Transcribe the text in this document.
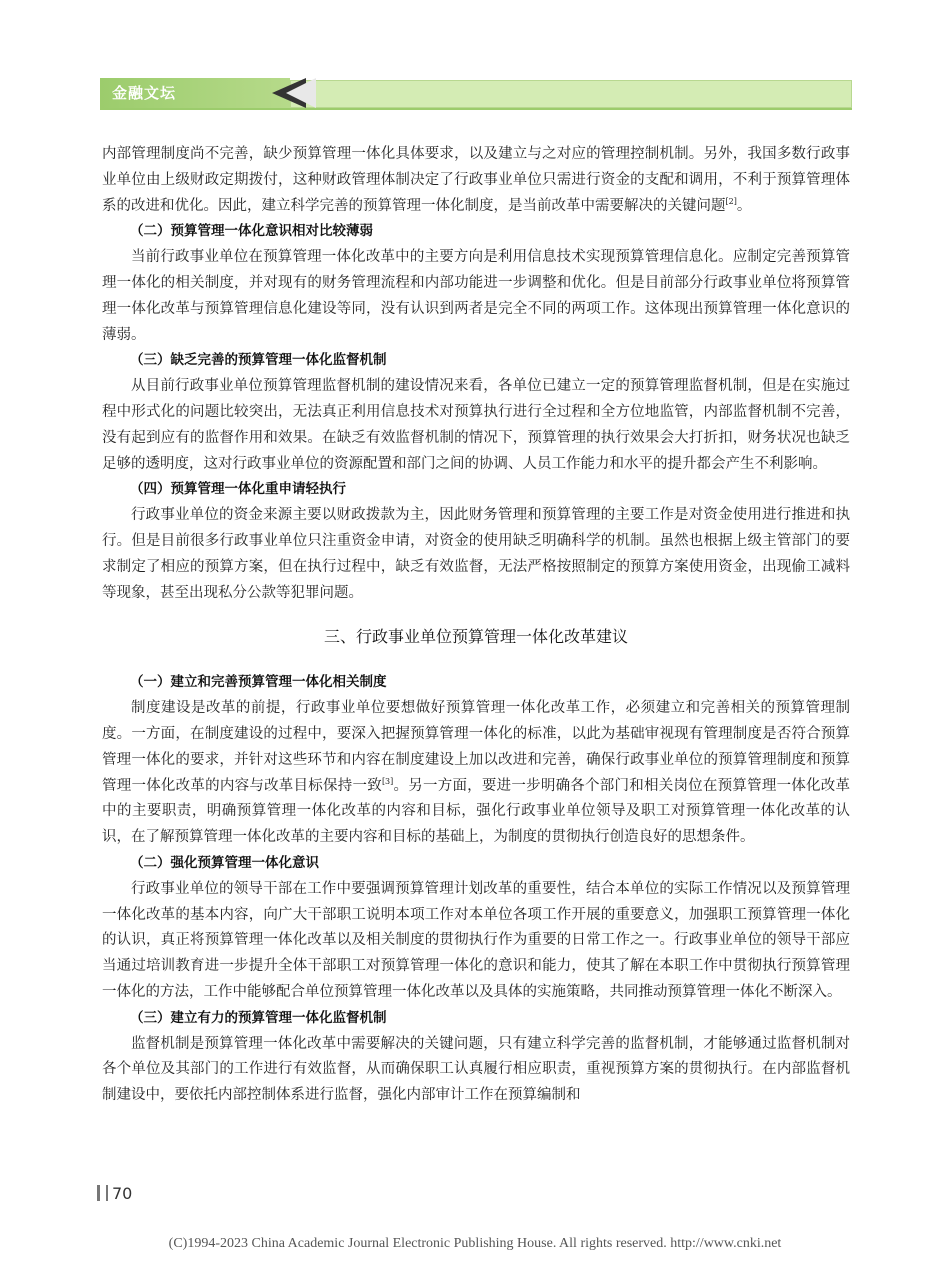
金融文坛

内部管理制度尚不完善，缺少预算管理一体化具体要求，以及建立与之对应的管理控制机制。另外，我国多数行政事业单位由上级财政定期拨付，这种财政管理体制决定了行政事业单位只需进行资金的支配和调用，不利于预算管理体系的改进和优化。因此，建立科学完善的预算管理一体化制度，是当前改革中需要解决的关键问题[2]。

（二）预算管理一体化意识相对比较薄弱

当前行政事业单位在预算管理一体化改革中的主要方向是利用信息技术实现预算管理信息化。应制定完善预算管理一体化的相关制度，并对现有的财务管理流程和内部功能进一步调整和优化。但是目前部分行政事业单位将预算管理一体化改革与预算管理信息化建设等同，没有认识到两者是完全不同的两项工作。这体现出预算管理一体化意识的薄弱。

（三）缺乏完善的预算管理一体化监督机制

从目前行政事业单位预算管理监督机制的建设情况来看，各单位已建立一定的预算管理监督机制，但是在实施过程中形式化的问题比较突出，无法真正利用信息技术对预算执行进行全过程和全方位地监管，内部监督机制不完善，没有起到应有的监督作用和效果。在缺乏有效监督机制的情况下，预算管理的执行效果会大打折扣，财务状况也缺乏足够的透明度，这对行政事业单位的资源配置和部门之间的协调、人员工作能力和水平的提升都会产生不利影响。

（四）预算管理一体化重申请轻执行

行政事业单位的资金来源主要以财政拨款为主，因此财务管理和预算管理的主要工作是对资金使用进行推进和执行。但是目前很多行政事业单位只注重资金申请，对资金的使用缺乏明确科学的机制。虽然也根据上级主管部门的要求制定了相应的预算方案，但在执行过程中，缺乏有效监督，无法严格按照制定的预算方案使用资金，出现偷工减料等现象，甚至出现私分公款等犯罪问题。

三、行政事业单位预算管理一体化改革建议
（一）建立和完善预算管理一体化相关制度

制度建设是改革的前提，行政事业单位要想做好预算管理一体化改革工作，必须建立和完善相关的预算管理制度。一方面，在制度建设的过程中，要深入把握预算管理一体化的标准，以此为基础审视现有管理制度是否符合预算管理一体化的要求，并针对这些环节和内容在制度建设上加以改进和完善，确保行政事业单位的预算管理制度和预算管理一体化改革的内容与改革目标保持一致[3]。另一方面，要进一步明确各个部门和相关岗位在预算管理一体化改革中的主要职责，明确预算管理一体化改革的内容和目标，强化行政事业单位领导及职工对预算管理一体化改革的认识，在了解预算管理一体化改革的主要内容和目标的基础上，为制度的贯彻执行创造良好的思想条件。

（二）强化预算管理一体化意识

行政事业单位的领导干部在工作中要强调预算管理计划改革的重要性，结合本单位的实际工作情况以及预算管理一体化改革的基本内容，向广大干部职工说明本项工作对本单位各项工作开展的重要意义，加强职工预算管理一体化的认识，真正将预算管理一体化改革以及相关制度的贯彻执行作为重要的日常工作之一。行政事业单位的领导干部应当通过培训教育进一步提升全体干部职工对预算管理一体化的意识和能力，使其了解在本职工作中贯彻执行预算管理一体化的方法，工作中能够配合单位预算管理一体化改革以及具体的实施策略，共同推动预算管理一体化不断深入。

（三）建立有力的预算管理一体化监督机制

监督机制是预算管理一体化改革中需要解决的关键问题，只有建立科学完善的监督机制，才能够通过监督机制对各个单位及其部门的工作进行有效监督，从而确保职工认真履行相应职责，重视预算方案的贯彻执行。在内部监督机制建设中，要依托内部控制体系进行监督，强化内部审计工作在预算编制和

70
(C)1994-2023 China Academic Journal Electronic Publishing House. All rights reserved. http://www.cnki.net
